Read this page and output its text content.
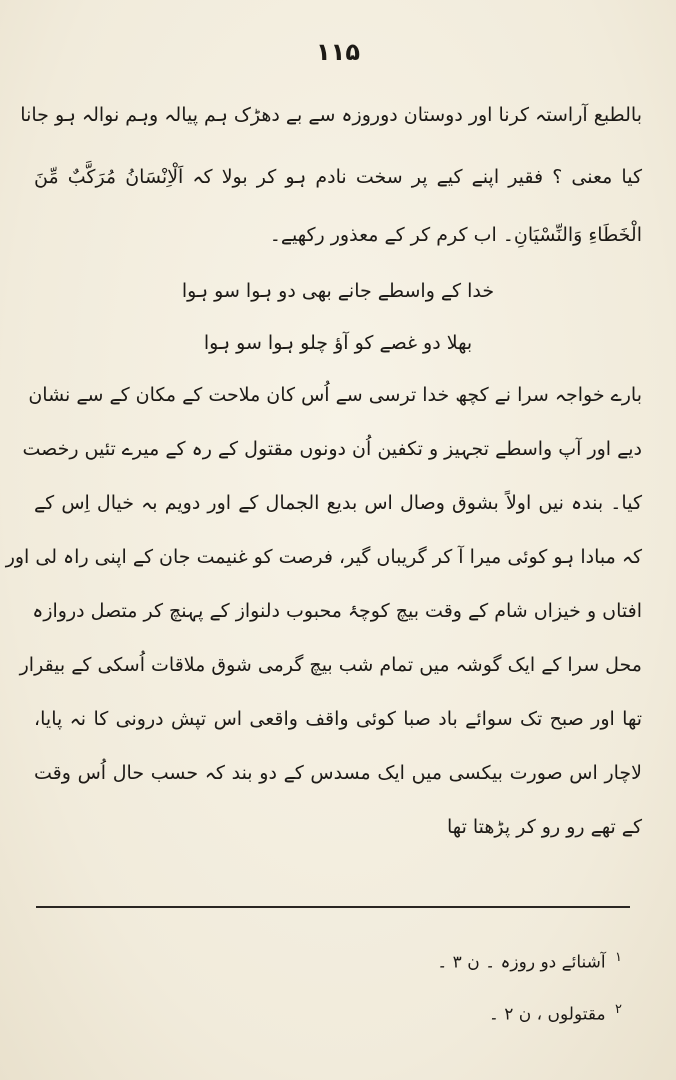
۱۱۵
بالطبع آراستہ کرنا اور دوستان دوروزہ سے بے دھڑک ہم پیالہ وہم نوالہ ہو جانا
کیا معنی ؟ فقیر اپنے کیے پر سخت نادم ہو کر بولا کہ اَلْاِنْسَانُ مُرَکَّبٌ مِّنَ
الْخَطَاءِ وَالنِّسْیَانِ۔ اب کرم کر کے معذور رکھیے۔
خدا کے واسطے جانے بھی دو ہوا سو ہوا
بھلا دو غصے کو آؤ چلو ہوا سو ہوا
بارے خواجہ سرا نے کچھ خدا ترسی سے اُس کان ملاحت کے مکان کے سے نشان
دیے اور آپ واسطے تجہیز و تکفین اُن دونوں مقتول کے رہ کے میرے تئیں رخصت
کیا۔ بندہ نیں اولاً بشوق وصال اس بدیع الجمال کے اور دویم بہ خیال اِس کے
کہ مبادا ہو کوئی میرا آ کر گریباں گیر، فرصت کو غنیمت جان کے اپنی راہ لی اور
افتاں و خیزاں شام کے وقت بیچ کوچۂ محبوب دلنواز کے پہنچ کر متصل دروازہ
محل سرا کے ایک گوشہ میں تمام شب بیچ گرمی شوق ملاقات اُسکی کے بیقرار
تھا اور صبح تک سوائے باد صبا کوئی واقف واقعی اس تپش درونی کا نہ پایا،
لاچار اس صورت بیکسی میں ایک مسدس کے دو بند کہ حسب حال اُس وقت
کے تھے رو رو کر پڑھتا تھا
$^۱$ آشنائے دو روزہ ۔ ن ۳ ۔
$^۲$ مقتولوں ، ن ۲ ۔
